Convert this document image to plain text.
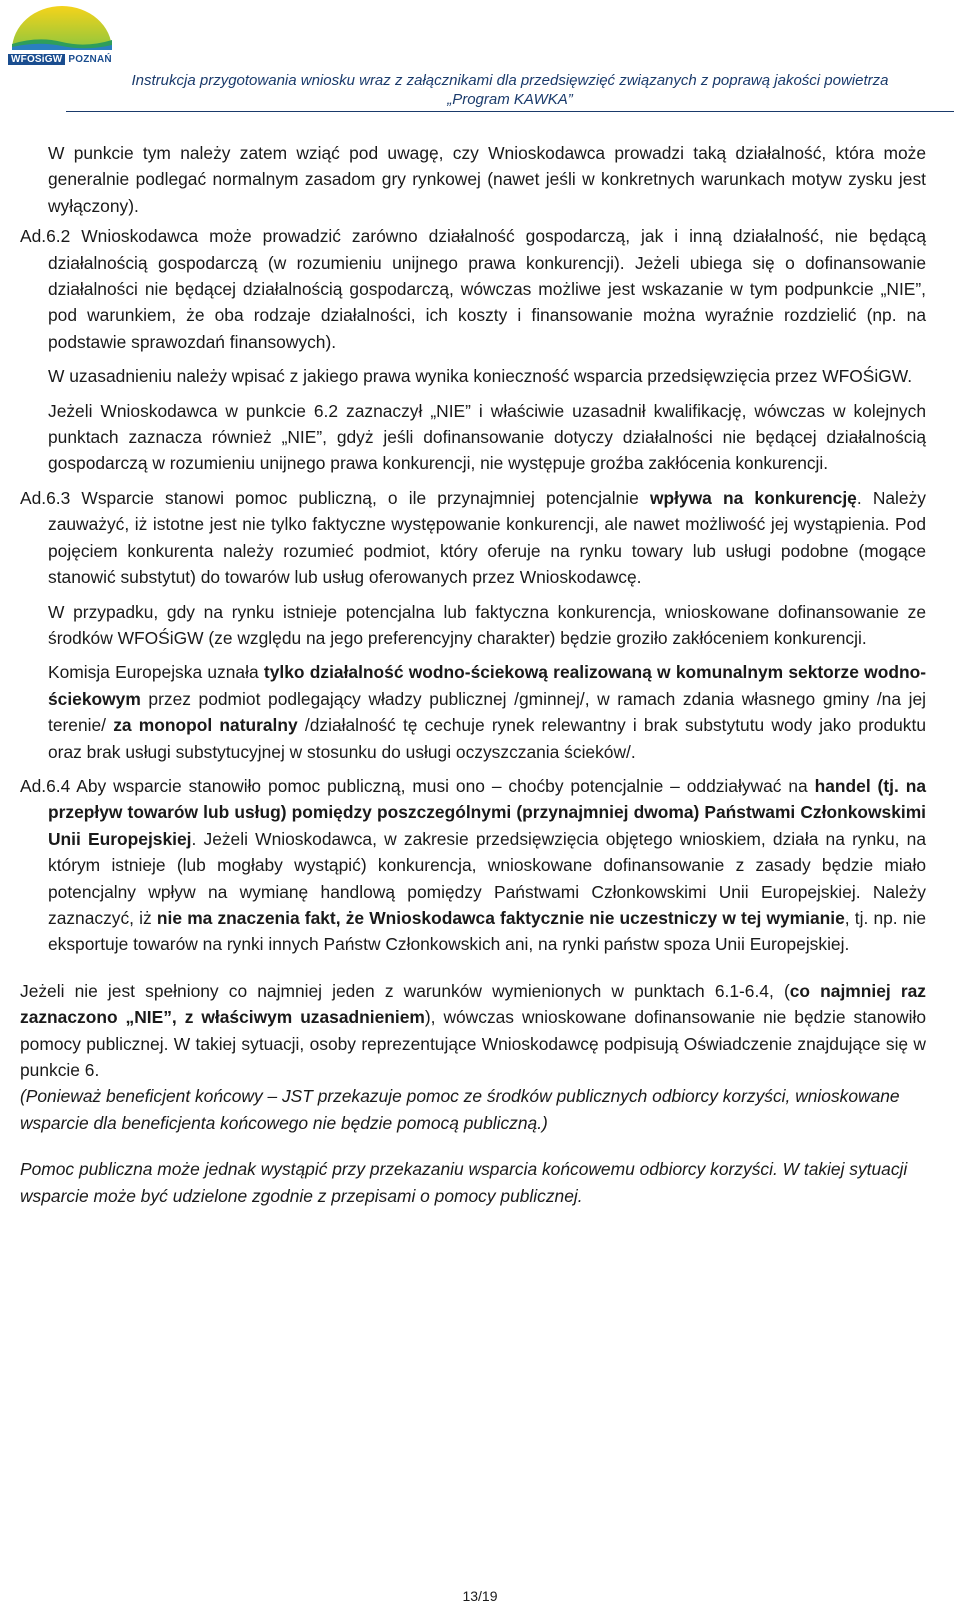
WFOŚiGW POZNAŃ
Instrukcja przygotowania wniosku wraz z załącznikami dla przedsięwzięć związanych z poprawą jakości powietrza
„Program KAWKA”

W punkcie tym należy zatem wziąć pod uwagę, czy Wnioskodawca prowadzi taką działalność, która może generalnie podlegać normalnym zasadom gry rynkowej (nawet jeśli w konkretnych warunkach motyw zysku jest wyłączony).

Ad.6.2 Wnioskodawca może prowadzić zarówno działalność gospodarczą, jak i inną działalność, nie będącą działalnością gospodarczą (w rozumieniu unijnego prawa konkurencji). Jeżeli ubiega się o dofinansowanie działalności nie będącej działalnością gospodarczą, wówczas możliwe jest wskazanie w tym podpunkcie „NIE”, pod warunkiem, że oba rodzaje działalności, ich koszty i finansowanie można wyraźnie rozdzielić (np. na podstawie sprawozdań finansowych).

W uzasadnieniu należy wpisać z jakiego prawa wynika konieczność wsparcia przedsięwzięcia przez WFOŚiGW.

Jeżeli Wnioskodawca w punkcie 6.2 zaznaczył „NIE” i właściwie uzasadnił kwalifikację, wówczas w kolejnych punktach zaznacza również „NIE”, gdyż jeśli dofinansowanie dotyczy działalności nie będącej działalnością gospodarczą w rozumieniu unijnego prawa konkurencji, nie występuje groźba zakłócenia konkurencji.

Ad.6.3 Wsparcie stanowi pomoc publiczną, o ile przynajmniej potencjalnie wpływa na konkurencję. Należy zauważyć, iż istotne jest nie tylko faktyczne występowanie konkurencji, ale nawet możliwość jej wystąpienia. Pod pojęciem konkurenta należy rozumieć podmiot, który oferuje na rynku towary lub usługi podobne (mogące stanowić substytut) do towarów lub usług oferowanych przez Wnioskodawcę.

W przypadku, gdy na rynku istnieje potencjalna lub faktyczna konkurencja, wnioskowane dofinansowanie ze środków WFOŚiGW (ze względu na jego preferencyjny charakter) będzie groziło zakłóceniem konkurencji.

Komisja Europejska uznała tylko działalność wodno-ściekową realizowaną w komunalnym sektorze wodno-ściekowym przez podmiot podlegający władzy publicznej /gminnej/, w ramach zdania własnego gminy /na jej terenie/ za monopol naturalny /działalność tę cechuje rynek relewantny i brak substytutu wody jako produktu oraz brak usługi substytucyjnej w stosunku do usługi oczyszczania ścieków/.

Ad.6.4 Aby wsparcie stanowiło pomoc publiczną, musi ono – choćby potencjalnie – oddziaływać na handel (tj. na przepływ towarów lub usług) pomiędzy poszczególnymi (przynajmniej dwoma) Państwami Członkowskimi Unii Europejskiej. Jeżeli Wnioskodawca, w zakresie przedsięwzięcia objętego wnioskiem, działa na rynku, na którym istnieje (lub mogłaby wystąpić) konkurencja, wnioskowane dofinansowanie z zasady będzie miało potencjalny wpływ na wymianę handlową pomiędzy Państwami Członkowskimi Unii Europejskiej. Należy zaznaczyć, iż nie ma znaczenia fakt, że Wnioskodawca faktycznie nie uczestniczy w tej wymianie, tj. np. nie eksportuje towarów na rynki innych Państw Członkowskich ani, na rynki państw spoza Unii Europejskiej.

Jeżeli nie jest spełniony co najmniej jeden z warunków wymienionych w punktach 6.1-6.4, (co najmniej raz zaznaczono „NIE”, z właściwym uzasadnieniem), wówczas wnioskowane dofinansowanie nie będzie stanowiło pomocy publicznej. W takiej sytuacji, osoby reprezentujące Wnioskodawcę podpisują Oświadczenie znajdujące się w punkcie 6.

(Ponieważ beneficjent końcowy – JST przekazuje pomoc ze środków publicznych odbiorcy korzyści, wnioskowane wsparcie dla beneficjenta końcowego nie będzie pomocą publiczną.)

Pomoc publiczna może jednak wystąpić przy przekazaniu wsparcia końcowemu odbiorcy korzyści. W takiej sytuacji wsparcie może być udzielone zgodnie z przepisami o pomocy publicznej.

13/19
